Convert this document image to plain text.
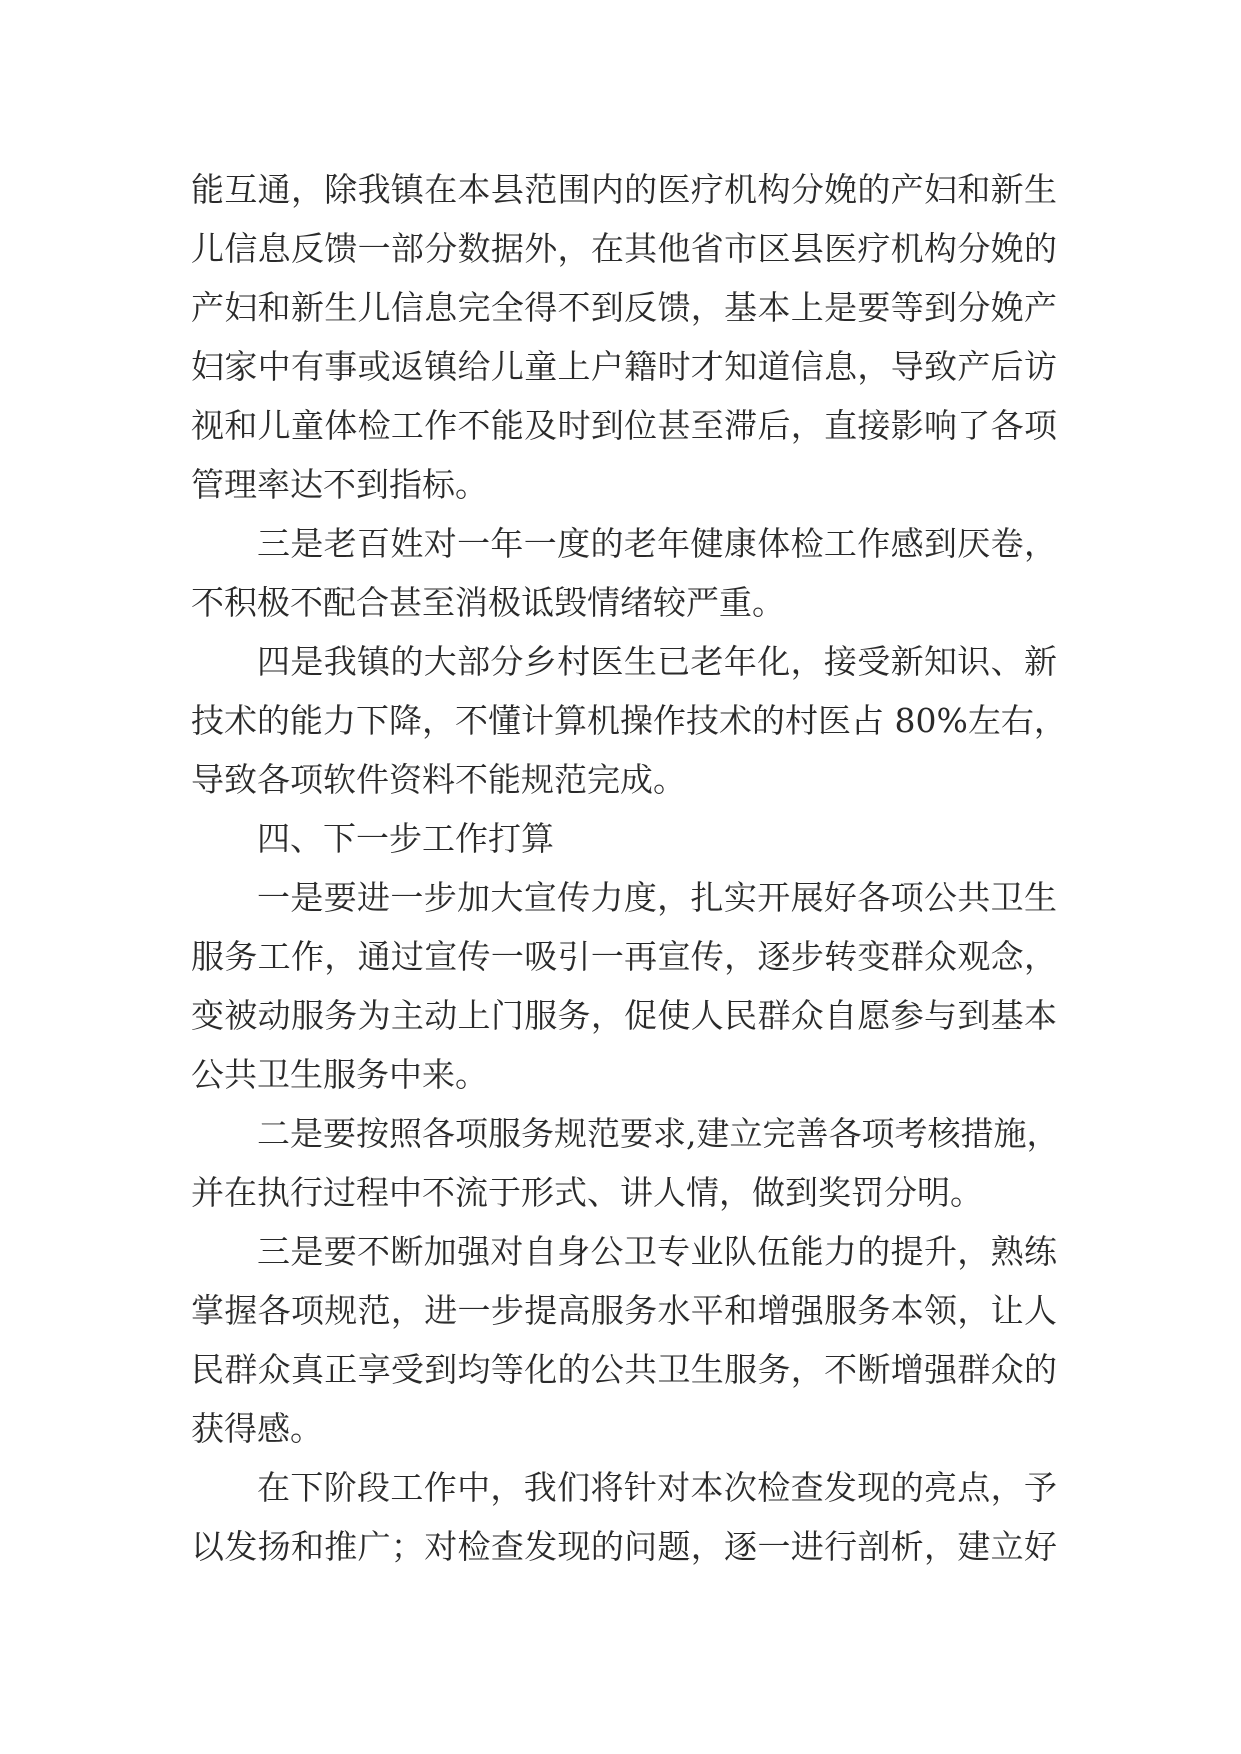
能互通，除我镇在本县范围内的医疗机构分娩的产妇和新生
儿信息反馈一部分数据外，在其他省市区县医疗机构分娩的
产妇和新生儿信息完全得不到反馈，基本上是要等到分娩产
妇家中有事或返镇给儿童上户籍时才知道信息，导致产后访
视和儿童体检工作不能及时到位甚至滞后，直接影响了各项
管理率达不到指标。
三是老百姓对一年一度的老年健康体检工作感到厌卷，
不积极不配合甚至消极诋毁情绪较严重。
四是我镇的大部分乡村医生已老年化，接受新知识、新
技术的能力下降，不懂计算机操作技术的村医占 80%左右，
导致各项软件资料不能规范完成。
四、下一步工作打算
一是要进一步加大宣传力度，扎实开展好各项公共卫生
服务工作，通过宣传一吸引一再宣传，逐步转变群众观念，
变被动服务为主动上门服务，促使人民群众自愿参与到基本
公共卫生服务中来。
二是要按照各项服务规范要求,建立完善各项考核措施，
并在执行过程中不流于形式、讲人情，做到奖罚分明。
三是要不断加强对自身公卫专业队伍能力的提升，熟练
掌握各项规范，进一步提高服务水平和增强服务本领，让人
民群众真正享受到均等化的公共卫生服务，不断增强群众的
获得感。
在下阶段工作中，我们将针对本次检查发现的亮点，予
以发扬和推广；对检查发现的问题，逐一进行剖析，建立好
